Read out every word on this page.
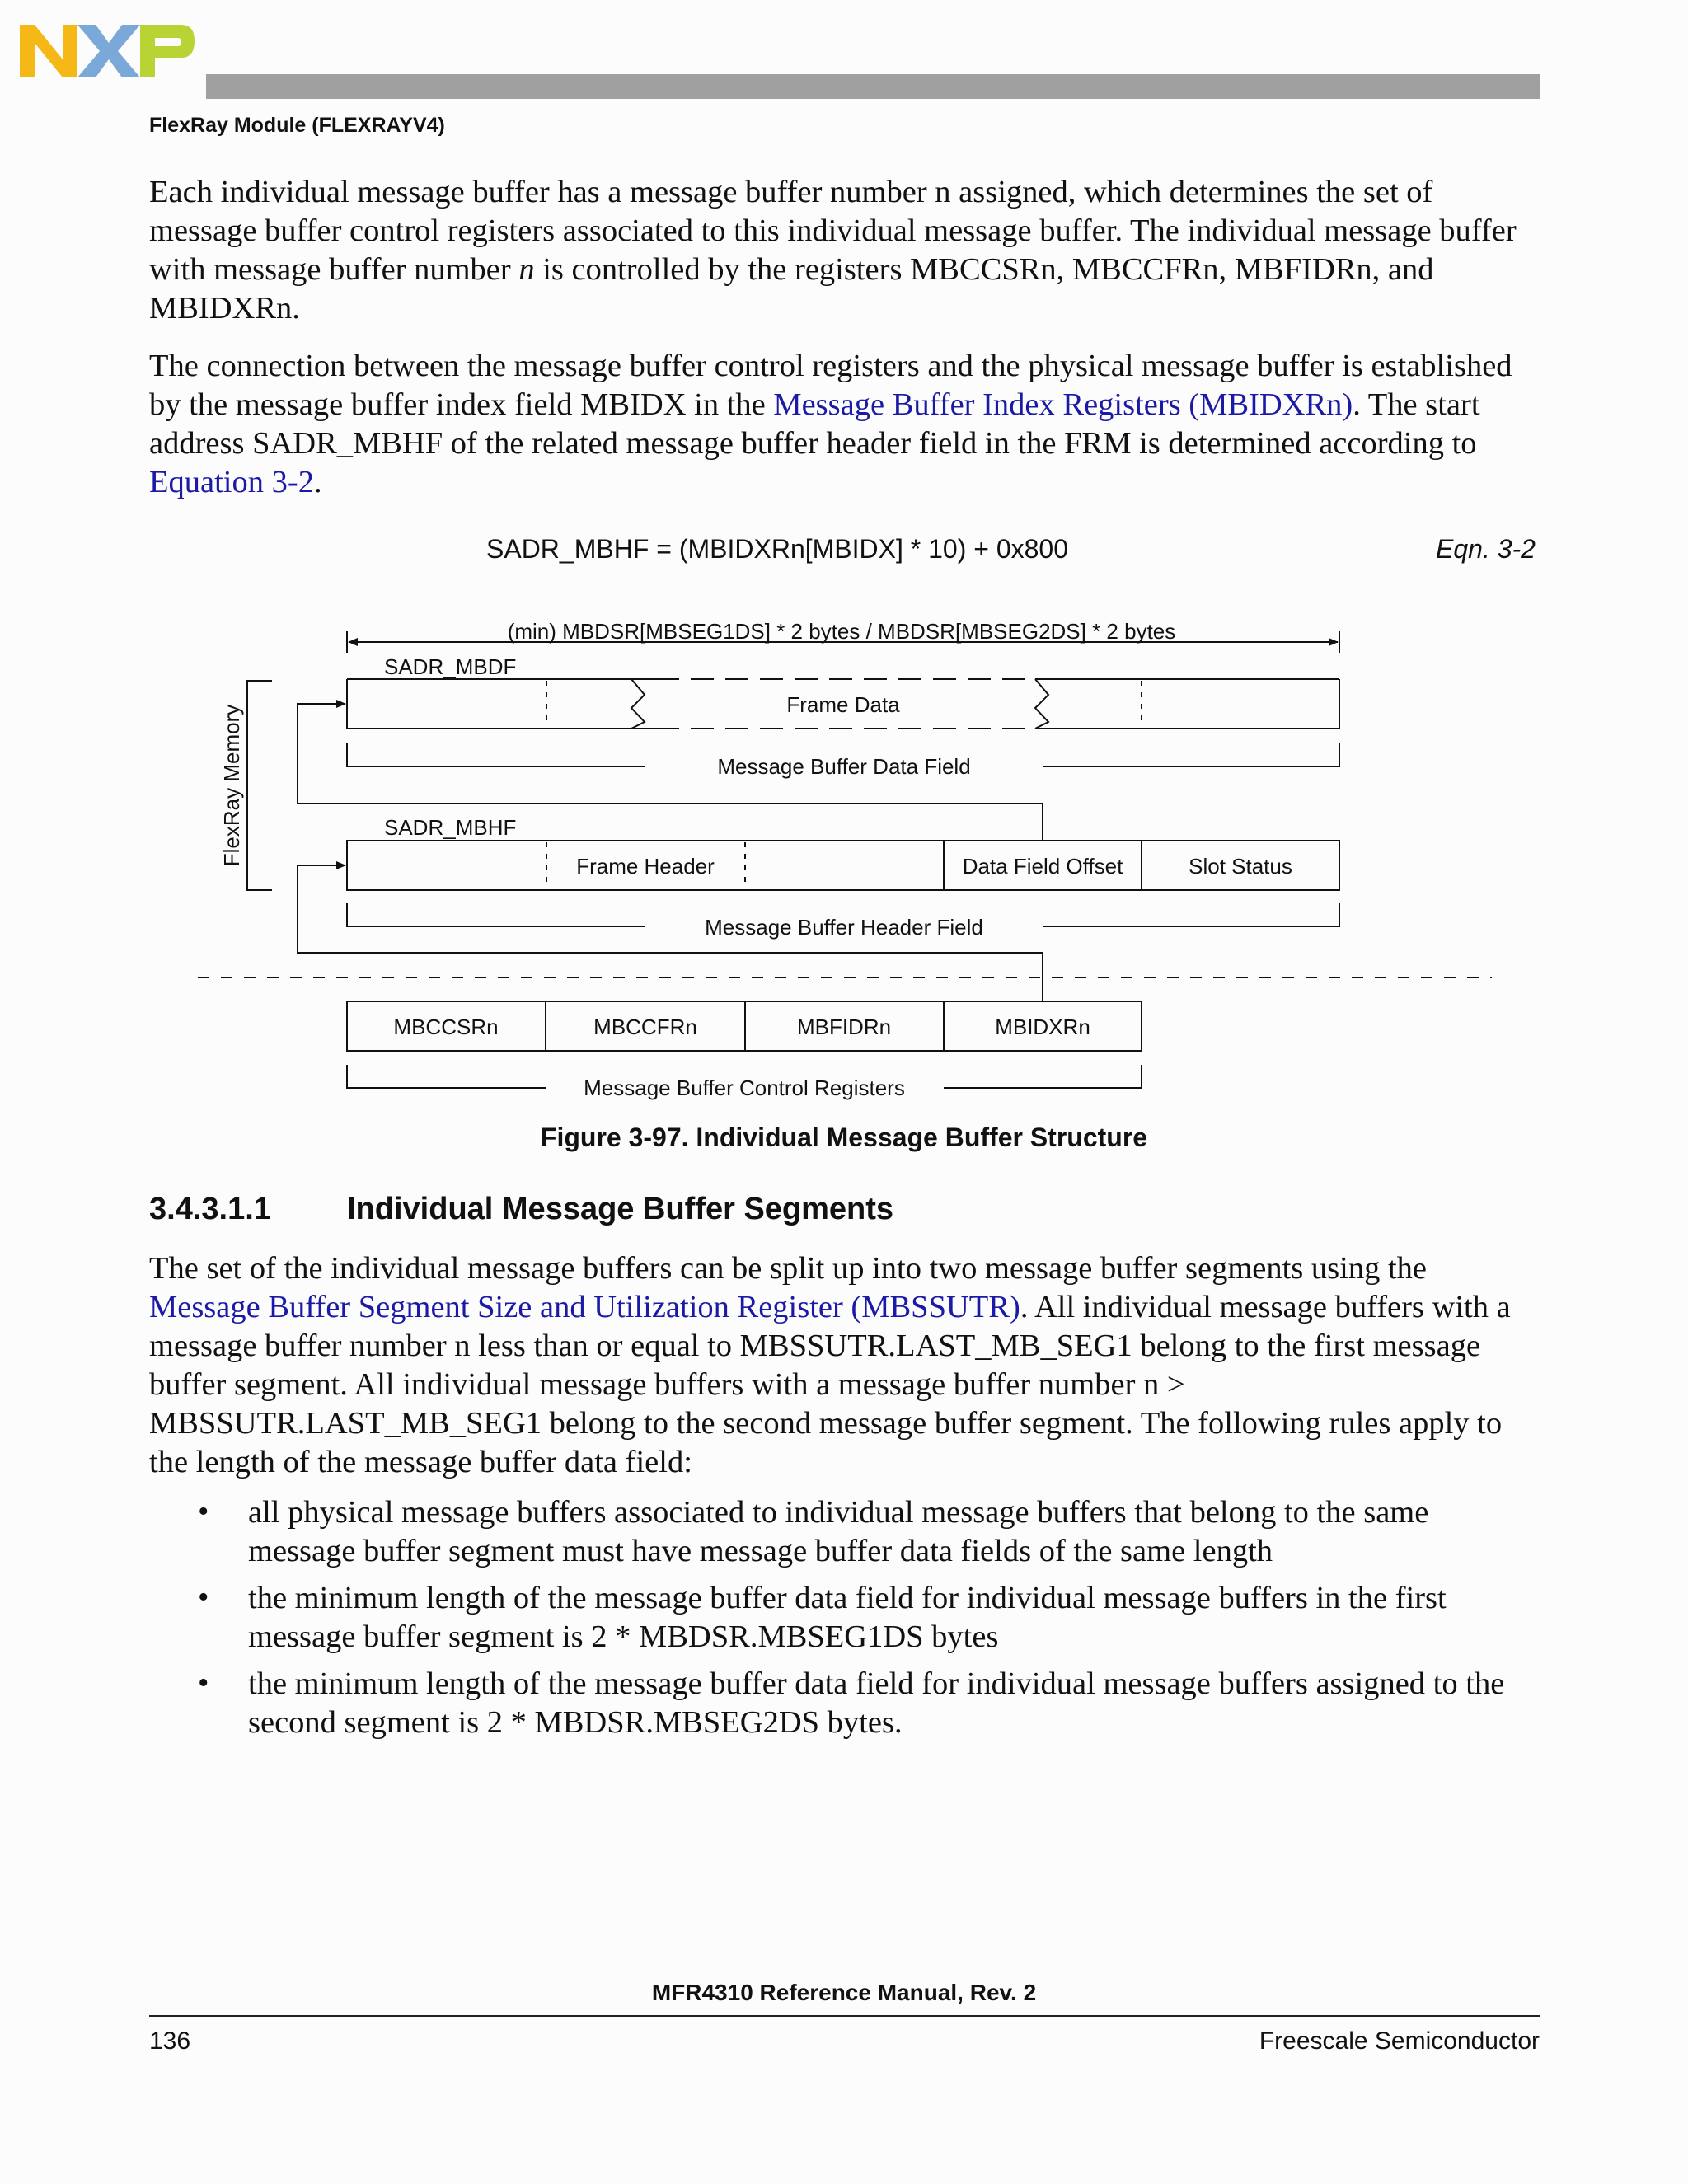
FlexRay Module (FLEXRAYV4)

Each individual message buffer has a message buffer number n assigned, which determines the set of message buffer control registers associated to this individual message buffer. The individual message buffer with message buffer number n is controlled by the registers MBCCSRn, MBCCFRn, MBFIDRn, and MBIDXRn.

The connection between the message buffer control registers and the physical message buffer is established by the message buffer index field MBIDX in the Message Buffer Index Registers (MBIDXRn). The start address SADR_MBHF of the related message buffer header field in the FRM is determined according to Equation 3-2.

SADR_MBHF = (MBIDXRn[MBIDX] * 10) + 0x800	Eqn. 3-2
(min) MBDSR[MBSEG1DS] * 2 bytes / MBDSR[MBSEG2DS] * 2 bytes
SADR_MBDF
Frame Data
Message Buffer Data Field
FlexRay Memory	SADR_MBHF
Frame Header	Data Field Offset	Slot Status
Message Buffer Header Field
MBCCSRn	MBCCFRn	MBFIDRn	MBIDXRn
Message Buffer Control Registers
Figure 3-97. Individual Message Buffer Structure
3.4.3.1.1 Individual Message Buffer Segments

The set of the individual message buffers can be split up into two message buffer segments using the Message Buffer Segment Size and Utilization Register (MBSSUTR). All individual message buffers with a message buffer number n less than or equal to MBSSUTR.LAST_MB_SEG1 belong to the first message buffer segment. All individual message buffers with a message buffer number n > MBSSUTR.LAST_MB_SEG1 belong to the second message buffer segment. The following rules apply to the length of the message buffer data field:

• all physical message buffers associated to individual message buffers that belong to the same message buffer segment must have message buffer data fields of the same length

• the minimum length of the message buffer data field for individual message buffers in the first message buffer segment is 2 * MBDSR.MBSEG1DS bytes

• the minimum length of the message buffer data field for individual message buffers assigned to the second segment is 2 * MBDSR.MBSEG2DS bytes.

MFR4310 Reference Manual, Rev. 2
136	Freescale Semiconductor
